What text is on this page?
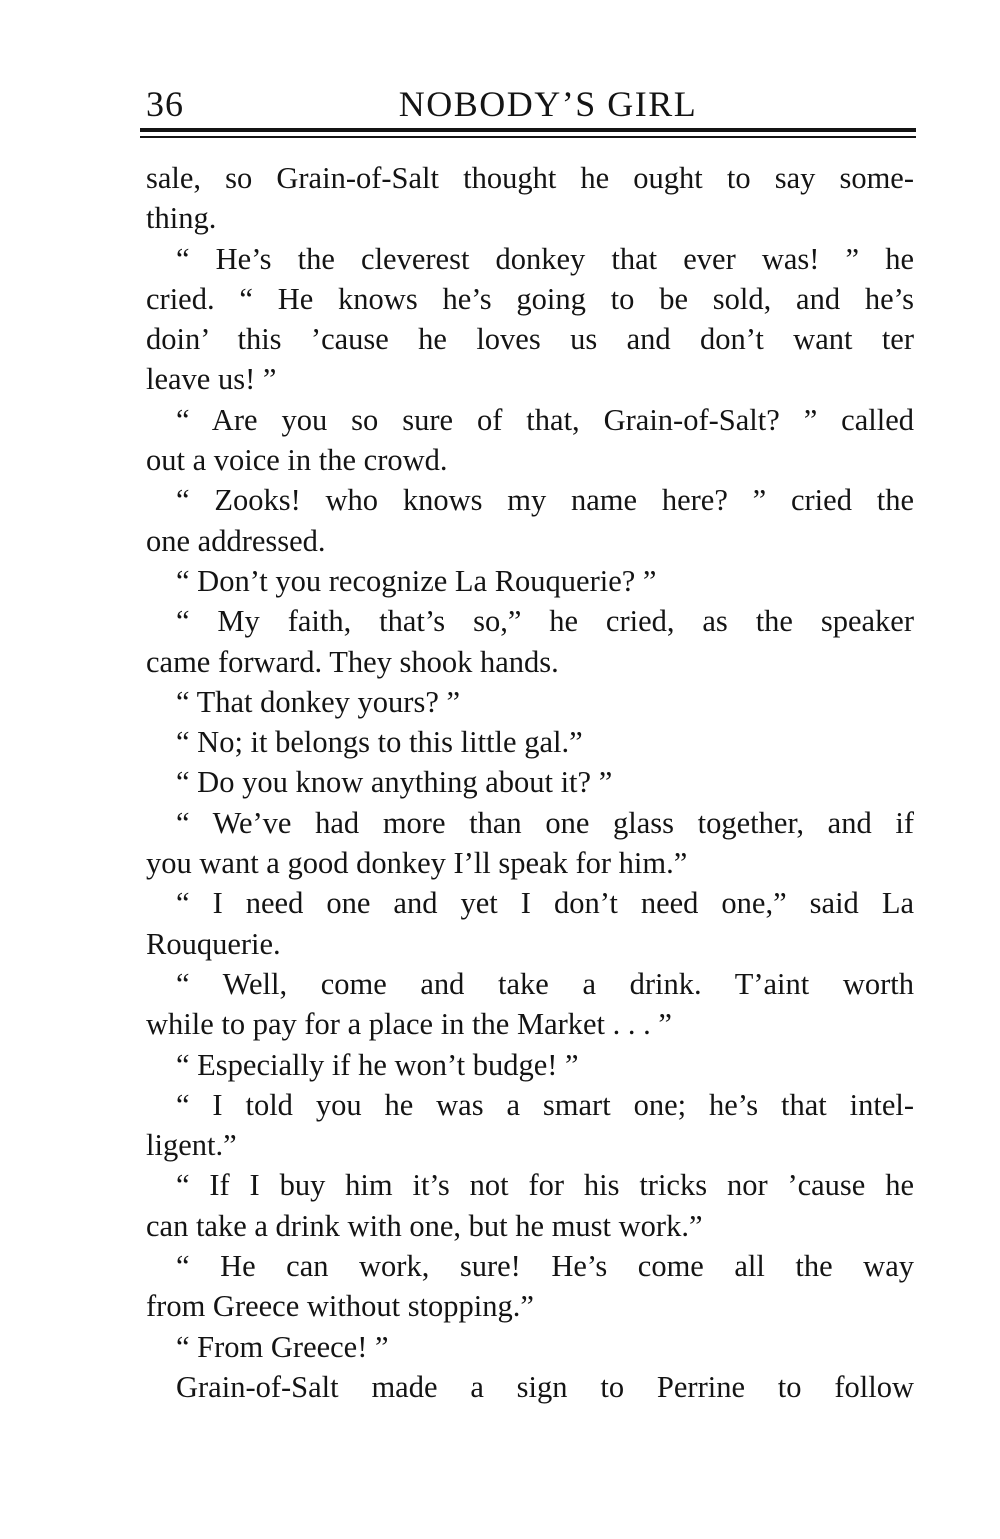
36	NOBODY’S GIRL
sale, so Grain-of-Salt thought he ought to say some-
thing.
“ He’s the cleverest donkey that ever was! ” he
cried. “ He knows he’s going to be sold, and he’s
doin’ this ’cause he loves us and don’t want ter
leave us! ”
“ Are you so sure of that, Grain-of-Salt? ” called
out a voice in the crowd.
“ Zooks! who knows my name here? ” cried the
one addressed.
“ Don’t you recognize La Rouquerie? ”
“ My faith, that’s so,” he cried, as the speaker
came forward. They shook hands.
“ That donkey yours? ”
“ No; it belongs to this little gal.”
“ Do you know anything about it? ”
“ We’ve had more than one glass together, and if
you want a good donkey I’ll speak for him.”
“ I need one and yet I don’t need one,” said La
Rouquerie.
“ Well, come and take a drink. T’aint worth
while to pay for a place in the Market . . . ”
“ Especially if he won’t budge! ”
“ I told you he was a smart one; he’s that intel-
ligent.”
“ If I buy him it’s not for his tricks nor ’cause he
can take a drink with one, but he must work.”
“ He can work, sure! He’s come all the way
from Greece without stopping.”
“ From Greece! ”
Grain-of-Salt made a sign to Perrine to follow
